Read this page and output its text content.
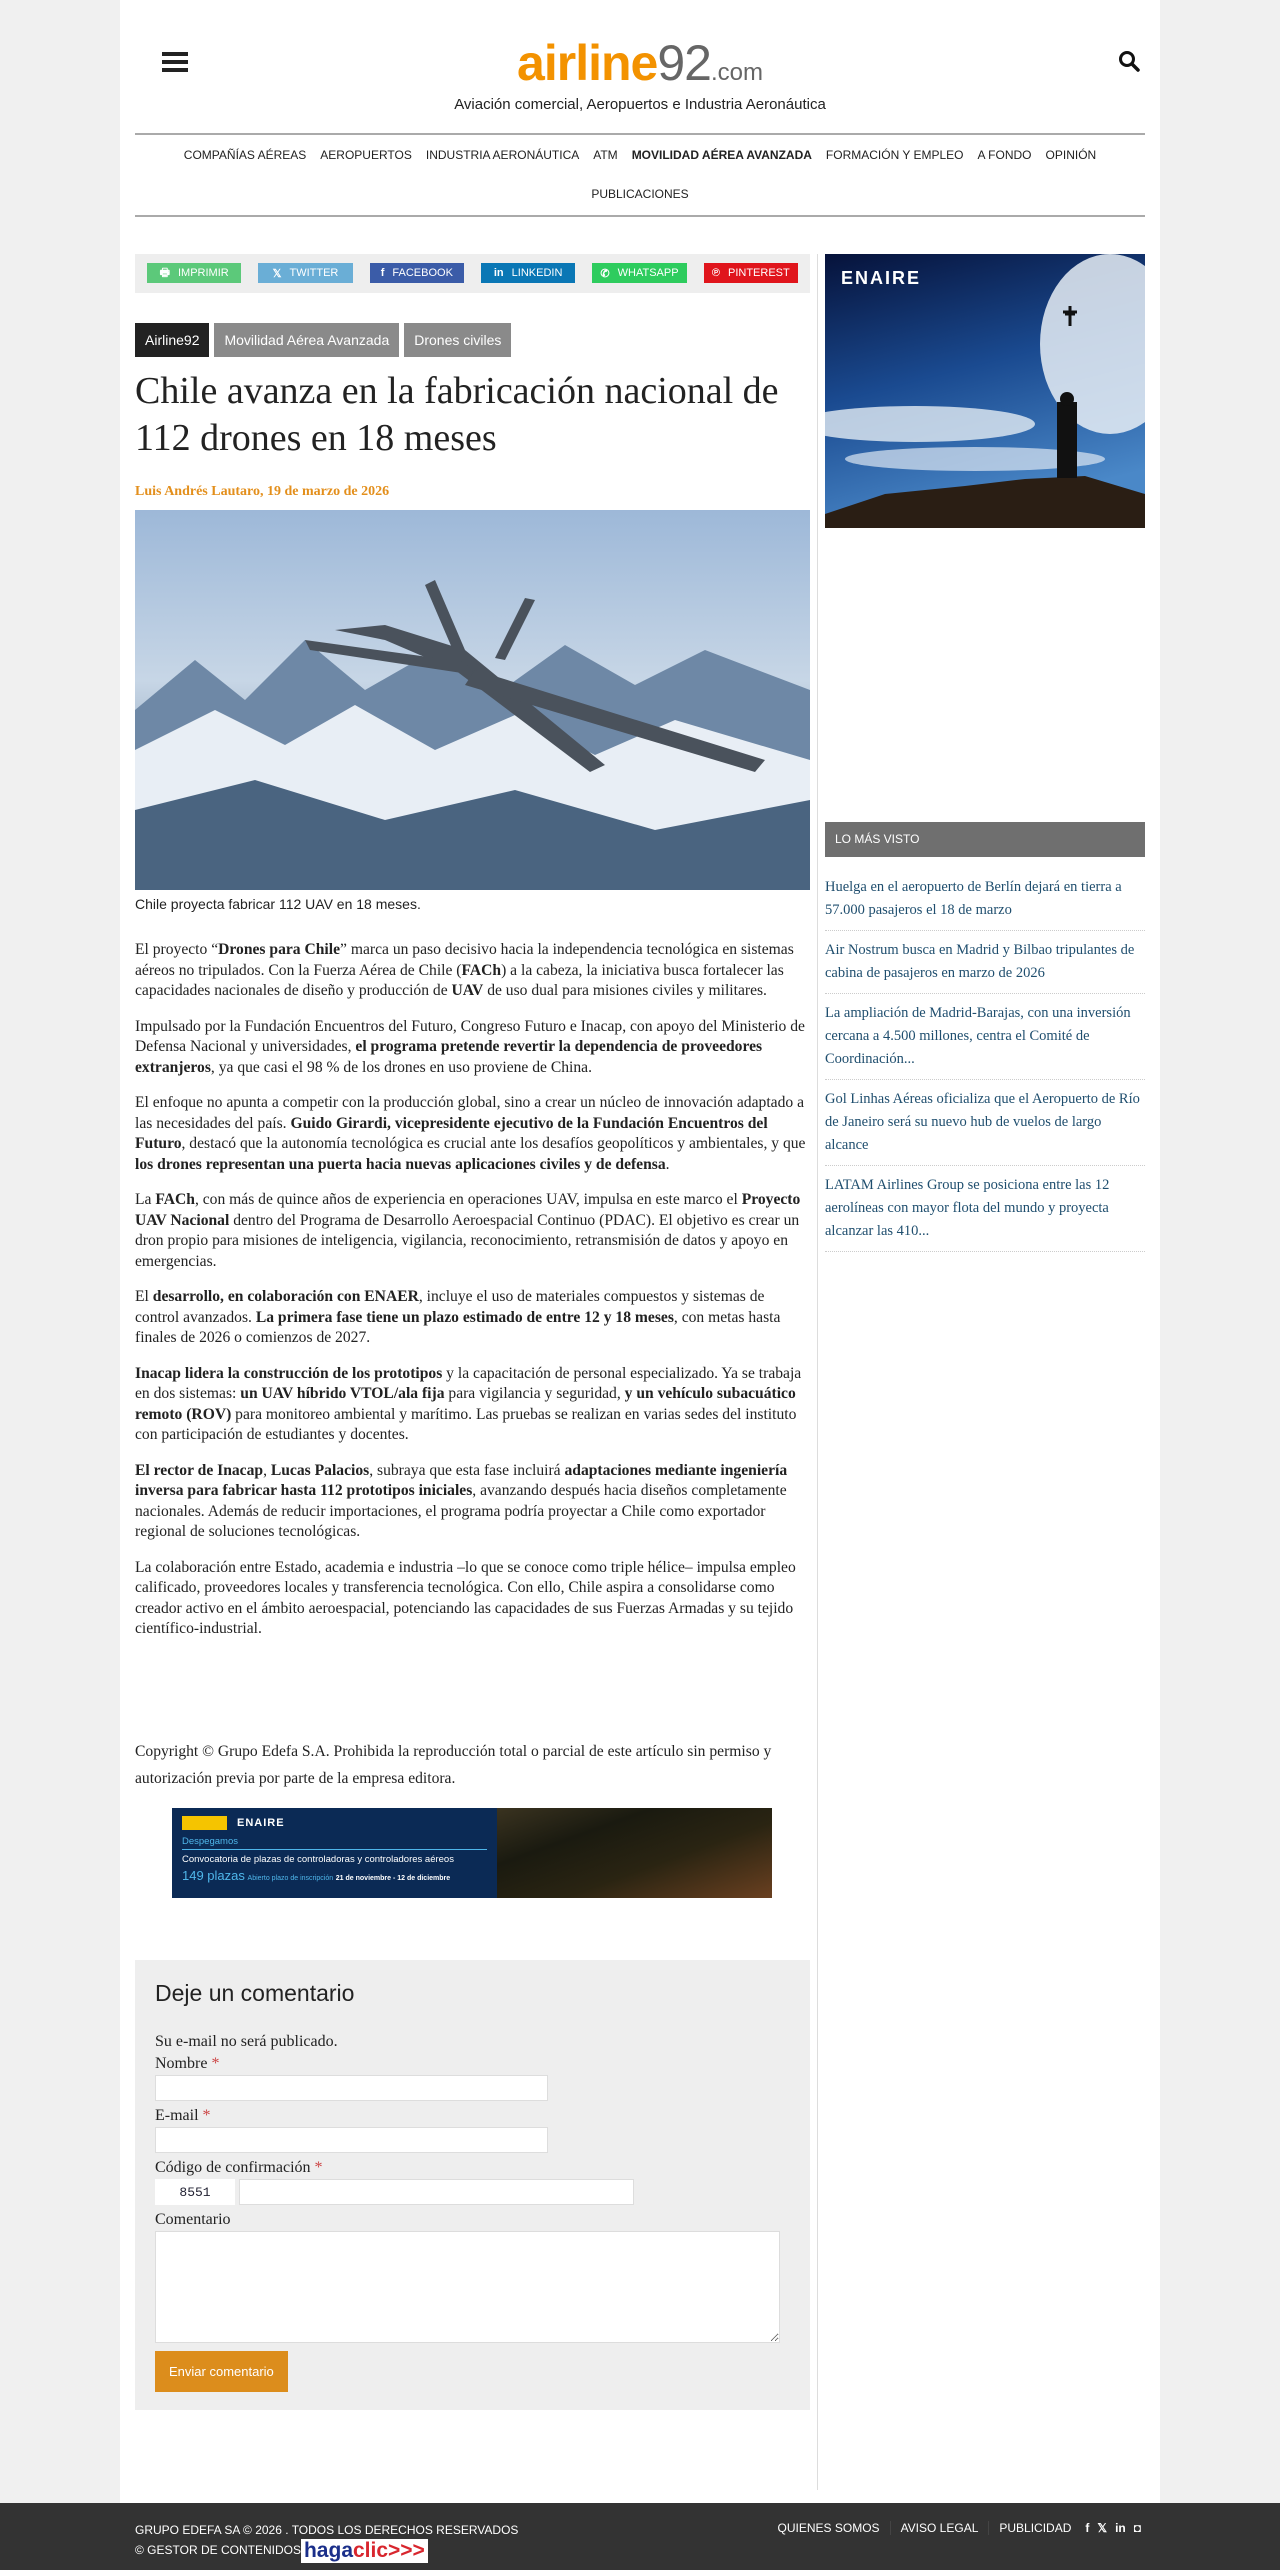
airline92.com
Aviación comercial, Aeropuertos e Industria Aeronáutica
COMPAÑÍAS AÉREAS AEROPUERTOS INDUSTRIA AERONÁUTICA ATM MOVILIDAD AÉREA AVANZADA FORMACIÓN Y EMPLEO A FONDO OPINIÓN
PUBLICACIONES
🖶 IMPRIMIR	𝕏 TWITTER	f FACEBOOK	in LINKEDIN	✆ WHATSAPP	℗ PINTEREST
Airline92	Movilidad Aérea Avanzada	Drones civiles
Chile avanza en la fabricación nacional de 112 drones en 18 meses
Luis Andrés Lautaro, 19 de marzo de 2026
Chile proyecta fabricar 112 UAV en 18 meses.

El proyecto “Drones para Chile” marca un paso decisivo hacia la independencia tecnológica en sistemas aéreos no tripulados. Con la Fuerza Aérea de Chile (FACh) a la cabeza, la iniciativa busca fortalecer las capacidades nacionales de diseño y producción de UAV de uso dual para misiones civiles y militares.

Impulsado por la Fundación Encuentros del Futuro, Congreso Futuro e Inacap, con apoyo del Ministerio de Defensa Nacional y universidades, el programa pretende revertir la dependencia de proveedores extranjeros, ya que casi el 98 % de los drones en uso proviene de China.

El enfoque no apunta a competir con la producción global, sino a crear un núcleo de innovación adaptado a las necesidades del país. Guido Girardi, vicepresidente ejecutivo de la Fundación Encuentros del Futuro, destacó que la autonomía tecnológica es crucial ante los desafíos geopolíticos y ambientales, y que los drones representan una puerta hacia nuevas aplicaciones civiles y de defensa.

La FACh, con más de quince años de experiencia en operaciones UAV, impulsa en este marco el Proyecto UAV Nacional dentro del Programa de Desarrollo Aeroespacial Continuo (PDAC). El objetivo es crear un dron propio para misiones de inteligencia, vigilancia, reconocimiento, retransmisión de datos y apoyo en emergencias.

El desarrollo, en colaboración con ENAER, incluye el uso de materiales compuestos y sistemas de control avanzados. La primera fase tiene un plazo estimado de entre 12 y 18 meses, con metas hasta finales de 2026 o comienzos de 2027.

Inacap lidera la construcción de los prototipos y la capacitación de personal especializado. Ya se trabaja en dos sistemas: un UAV híbrido VTOL/ala fija para vigilancia y seguridad, y un vehículo subacuático remoto (ROV) para monitoreo ambiental y marítimo. Las pruebas se realizan en varias sedes del instituto con participación de estudiantes y docentes.

El rector de Inacap, Lucas Palacios, subraya que esta fase incluirá adaptaciones mediante ingeniería inversa para fabricar hasta 112 prototipos iniciales, avanzando después hacia diseños completamente nacionales. Además de reducir importaciones, el programa podría proyectar a Chile como exportador regional de soluciones tecnológicas.

La colaboración entre Estado, academia e industria –lo que se conoce como triple hélice– impulsa empleo calificado, proveedores locales y transferencia tecnológica. Con ello, Chile aspira a consolidarse como creador activo en el ámbito aeroespacial, potenciando las capacidades de sus Fuerzas Armadas y su tejido científico-industrial.

Copyright © Grupo Edefa S.A. Prohibida la reproducción total o parcial de este artículo sin permiso y autorización previa por parte de la empresa editora.
ENAIRE
Despegamos
Convocatoria de plazas de controladoras y controladores aéreos
149 plazas Abierto plazo de inscripción 21 de noviembre - 12 de diciembre
Deje un comentario
Su e-mail no será publicado.
Nombre *
E-mail *
Código de confirmación *
8551
Comentario
Enviar comentario
ENAIRE
LO MÁS VISTO
Huelga en el aeropuerto de Berlín dejará en tierra a 57.000 pasajeros el 18 de marzo
Air Nostrum busca en Madrid y Bilbao tripulantes de cabina de pasajeros en marzo de 2026
La ampliación de Madrid-Barajas, con una inversión cercana a 4.500 millones, centra el Comité de Coordinación...
Gol Linhas Aéreas oficializa que el Aeropuerto de Río de Janeiro será su nuevo hub de vuelos de largo alcance
LATAM Airlines Group se posiciona entre las 12 aerolíneas con mayor flota del mundo y proyecta alcanzar las 410...
GRUPO EDEFA SA © 2026 . TODOS LOS DERECHOS RESERVADOS
© GESTOR DE CONTENIDOS hagaclic>>>
QUIENES SOMOS	AVISO LEGAL	PUBLICIDAD	f 𝕏 in ◘
